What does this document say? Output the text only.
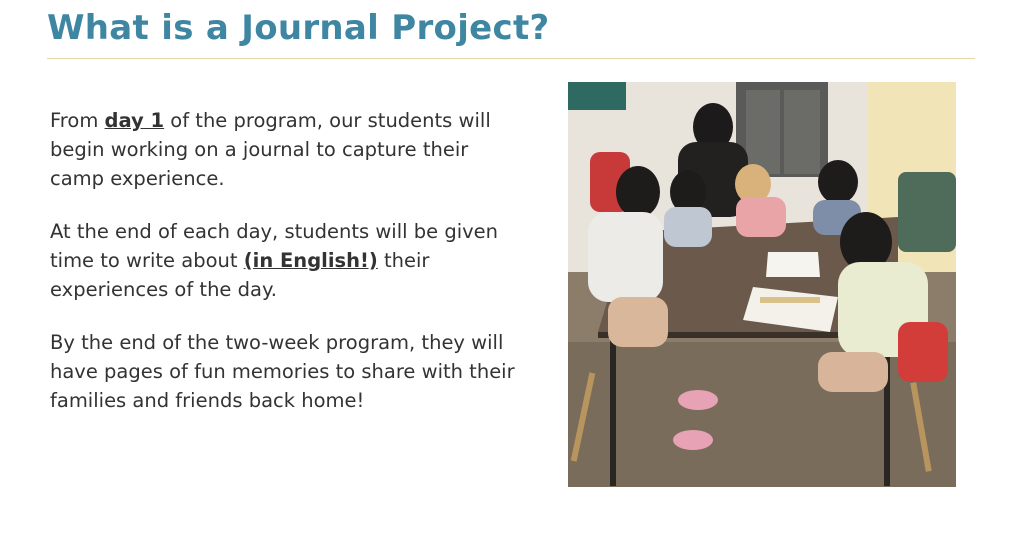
What is a Journal Project?

From day 1 of the program, our students will begin working on a journal to capture their camp experience.

At the end of each day, students will be given time to write about (in English!) their experiences of the day.

By the end of the two-week program, they will have pages of fun memories to share with their families and friends back home!
